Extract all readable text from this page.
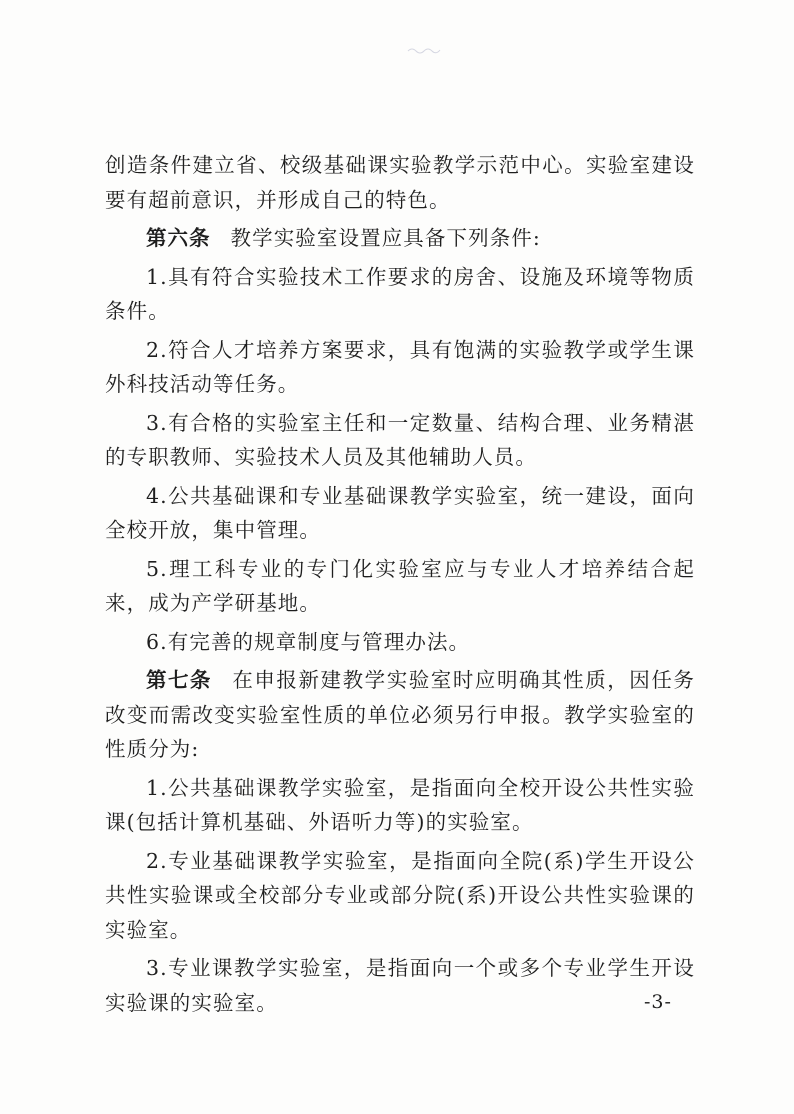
创造条件建立省、校级基础课实验教学示范中心。实验室建设要有超前意识，并形成自己的特色。

第六条 教学实验室设置应具备下列条件:

1.具有符合实验技术工作要求的房舍、设施及环境等物质条件。

2.符合人才培养方案要求，具有饱满的实验教学或学生课外科技活动等任务。

3.有合格的实验室主任和一定数量、结构合理、业务精湛的专职教师、实验技术人员及其他辅助人员。

4.公共基础课和专业基础课教学实验室，统一建设，面向全校开放，集中管理。

5.理工科专业的专门化实验室应与专业人才培养结合起来，成为产学研基地。

6.有完善的规章制度与管理办法。

第七条 在申报新建教学实验室时应明确其性质，因任务改变而需改变实验室性质的单位必须另行申报。教学实验室的性质分为:

1.公共基础课教学实验室，是指面向全校开设公共性实验课(包括计算机基础、外语听力等)的实验室。

2.专业基础课教学实验室，是指面向全院(系)学生开设公共性实验课或全校部分专业或部分院(系)开设公共性实验课的实验室。

3.专业课教学实验室，是指面向一个或多个专业学生开设实验课的实验室。	-3-
